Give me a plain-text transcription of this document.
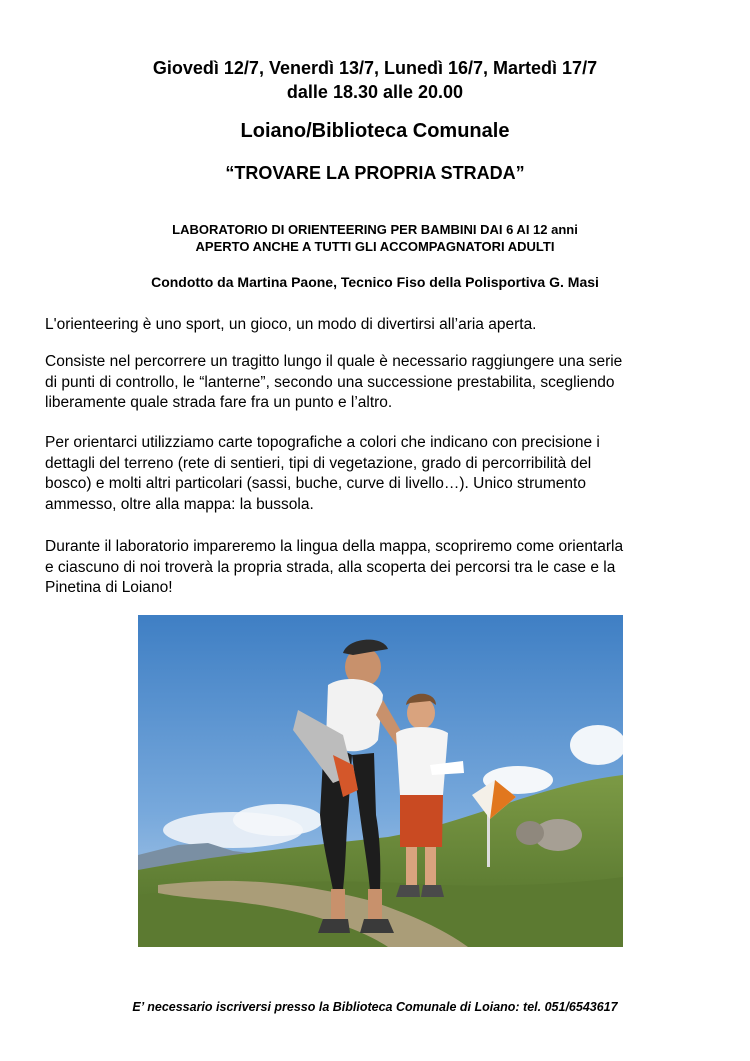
Giovedì 12/7, Venerdì 13/7, Lunedì 16/7, Martedì 17/7
dalle 18.30 alle 20.00
Loiano/Biblioteca Comunale
“TROVARE LA PROPRIA STRADA”
LABORATORIO DI ORIENTEERING PER BAMBINI DAI 6 AI 12 anni
APERTO ANCHE A TUTTI GLI ACCOMPAGNATORI ADULTI
Condotto da Martina Paone, Tecnico Fiso della Polisportiva G. Masi
L'orienteering è uno sport, un gioco, un modo di divertirsi all’aria aperta.
Consiste nel percorrere un tragitto lungo il quale è necessario raggiungere una serie
di punti di controllo, le “lanterne”, secondo una successione prestabilita, scegliendo
liberamente quale strada fare fra un punto e l’altro.
Per orientarci utilizziamo carte topografiche a colori che indicano con precisione i
dettagli del terreno (rete di sentieri, tipi di vegetazione, grado di percorribilità del
bosco) e molti altri particolari (sassi, buche, curve di livello…). Unico strumento
ammesso, oltre alla mappa: la bussola.
Durante il laboratorio impareremo la lingua della mappa, scopriremo come orientarla
e ciascuno di noi troverà la propria strada, alla scoperta dei percorsi tra le case e la
Pinetina di Loiano!
E’ necessario iscriversi presso la Biblioteca Comunale di Loiano: tel. 051/6543617
